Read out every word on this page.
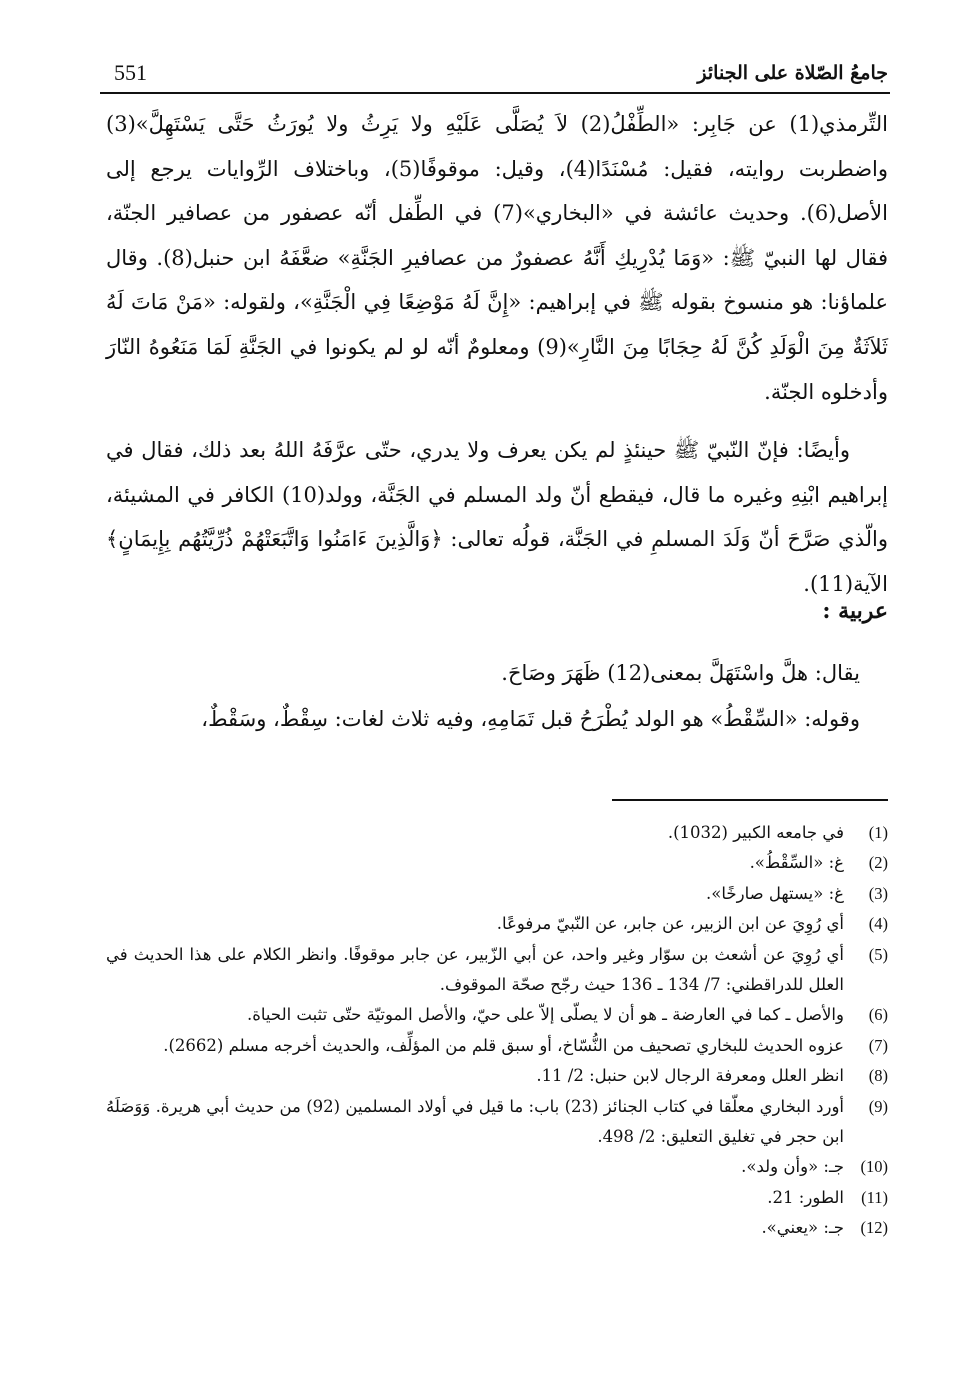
551	جامعُ الصّلاة على الجنائز

التِّرمذي(1) عن جَابِر: «الطِّفْلُ(2) لاَ يُصَلَّى عَلَيْهِ ولا يَرِثُ ولا يُورَثُ حَتَّى يَسْتَهِلَّ»(3) واضطربت روايته، فقيل: مُسْنَدًا(4)، وقيل: موقوفًا(5)، وباختلاف الرِّوايات يرجع إلى الأصل(6). وحديث عائشة في «البخاري»(7) في الطِّفل أنّه عصفور من عصافير الجنّة، فقال لها النبيّ ﷺ: «وَمَا يُدْرِيكِ أَنَّهُ عصفورٌ من عصافيرِ الجَنَّةِ» ضعَّفَهُ ابن حنبل(8). وقال علماؤنا: هو منسوخ بقوله ﷺ في إبراهيم: «إِنَّ لَهُ مَوْضِعًا فِي الْجَنَّةِ»، ولقوله: «مَنْ مَاتَ لَهُ ثَلاَثَةٌ مِنَ الْوَلَدِ كُنَّ لَهُ حِجَابًا مِنَ النَّارِ»(9) ومعلومٌ أنّه لو لم يكونوا في الجَنَّةِ لَمَا مَنَعُوهُ النّارَ وأدخلوه الجنّة.

وأيضًا: فإنّ النّبيّ ﷺ حينئذٍ لم يكن يعرف ولا يدري، حتّى عرَّفَهُ اللهُ بعد ذلك، فقال في إبراهيم ابْنِهِ وغيره ما قال، فيقطع أنّ ولد المسلم في الجَنَّة، وولد(10) الكافر في المشيئة، والّذي صَرَّحَ أنّ وَلَدَ المسلمِ في الجَنَّة، قولُه تعالى: ﴿وَالَّذِينَ ءَامَنُوا وَاتَّبَعَتْهُمْ ذُرِّيَّتُهُم بِإِيمَانٍ﴾ الآية(11).

عربية :

يقال: هلَّ واسْتَهَلَّ بمعنى(12) ظَهَرَ وصَاحَ.

وقوله: «السِّقْطُ» هو الولد يُطْرَحُ قبل تَمَامِهِ، وفيه ثلاث لغات: سِقْطٌ، وسَقْطٌ،

(1)
في جامعه الكبير (1032).
(2)
غ: «السِّقْطُ».
(3)
غ: «يستهل صارخًا».
(4)
أي رُوِيَ عن ابن الزبير، عن جابر، عن النّبيّ مرفوعًا.
(5)
أي رُوِيَ عن أشعث بن سوّار وغير واحد، عن أبي الزّبير، عن جابر موقوفًا. وانظر الكلام على هذا الحديث في العلل للدراقطني: 7/ 134 ـ 136 حيث رجّح صحّة الموقوف.
(6)
والأصل ـ كما في العارضة ـ هو أن لا يصلّى إلاّ على حيّ، والأصل الموتيّة حتّى تثبت الحياة.
(7)
عزوه الحديث للبخاري تصحيف من النُّسّاخ، أو سبق قلم من المؤلِّف، والحديث أخرجه مسلم (2662).
(8)
انظر العلل ومعرفة الرجال لابن حنبل: 2/ 11.
(9)
أورد البخاري معلّقا في كتاب الجنائز (23) باب: ما قيل في أولاد المسلمين (92) من حديث أبي هريرة. وَوَصَلَهُ ابن حجر في تغليق التعليق: 2/ 498.
(10)
جـ: «وأن ولد».
(11)
الطور: 21.
(12)
جـ: «يعني».
